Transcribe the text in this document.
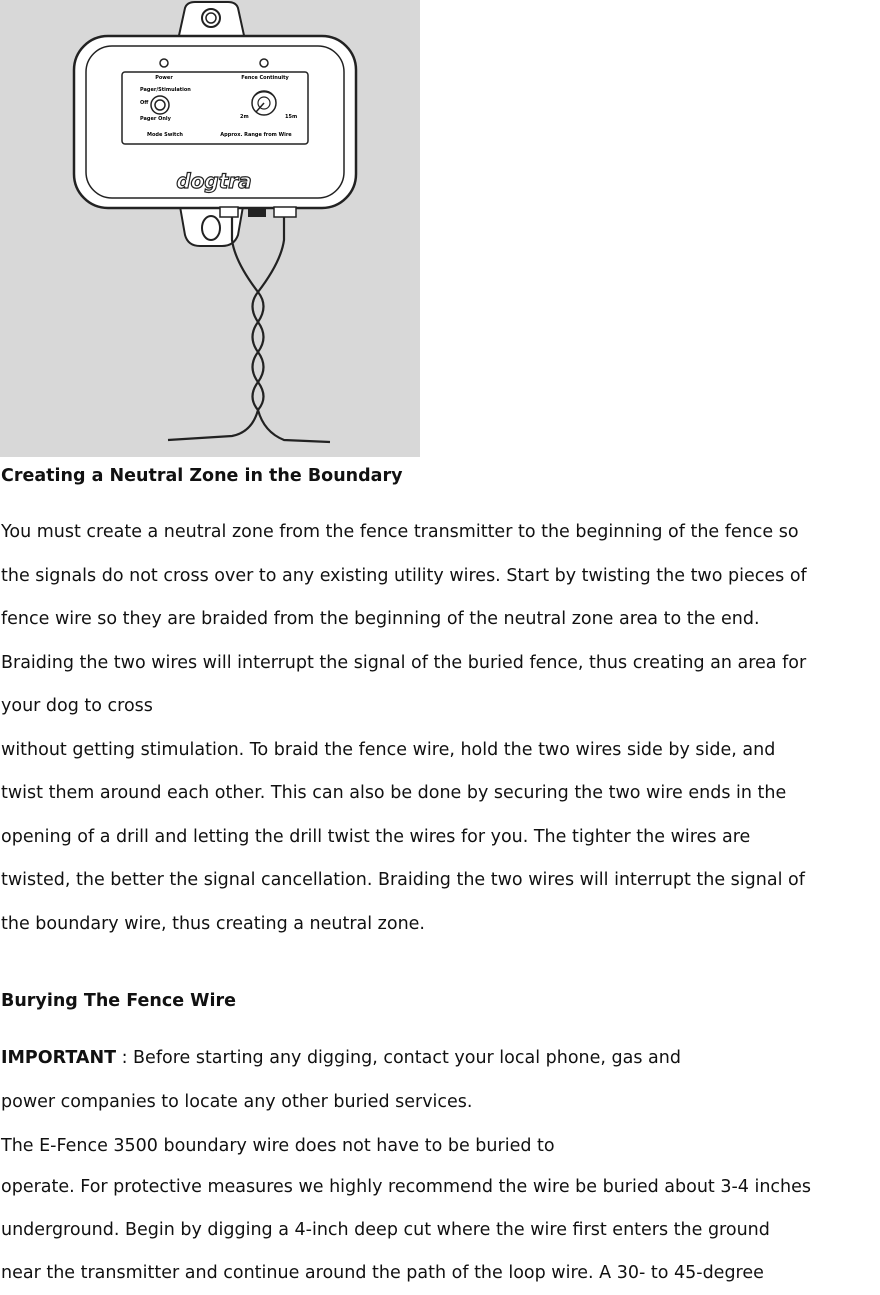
Power	Fence Continuity
Pager/Stimulation
Off
Pager Only
Mode Switch
2m	15m
Approx. Range from Wire
dogtra
Creating a Neutral Zone in the Boundary
You must create a neutral zone from the fence transmitter to the beginning of the fence so
the signals do not cross over to any existing utility wires. Start by twisting the two pieces of
fence wire so they are braided from the beginning of the neutral zone area to the end.
Braiding the two wires will interrupt the signal of the buried fence, thus creating an area for
your dog to cross
without getting stimulation. To braid the fence wire, hold the two wires side by side, and
twist them around each other. This can also be done by securing the two wire ends in the
opening of a drill and letting the drill twist the wires for you. The tighter the wires are
twisted, the better the signal cancellation. Braiding the two wires will interrupt the signal of
the boundary wire, thus creating a neutral zone.
Burying The Fence Wire
IMPORTANT : Before starting any digging, contact your local phone, gas and
power companies to locate any other buried services.
The E-Fence 3500 boundary wire does not have to be buried to
operate. For protective measures we highly recommend the wire be buried about 3-4 inches
underground. Begin by digging a 4-inch deep cut where the wire first enters the ground
near the transmitter and continue around the path of the loop wire. A 30- to 45-degree
